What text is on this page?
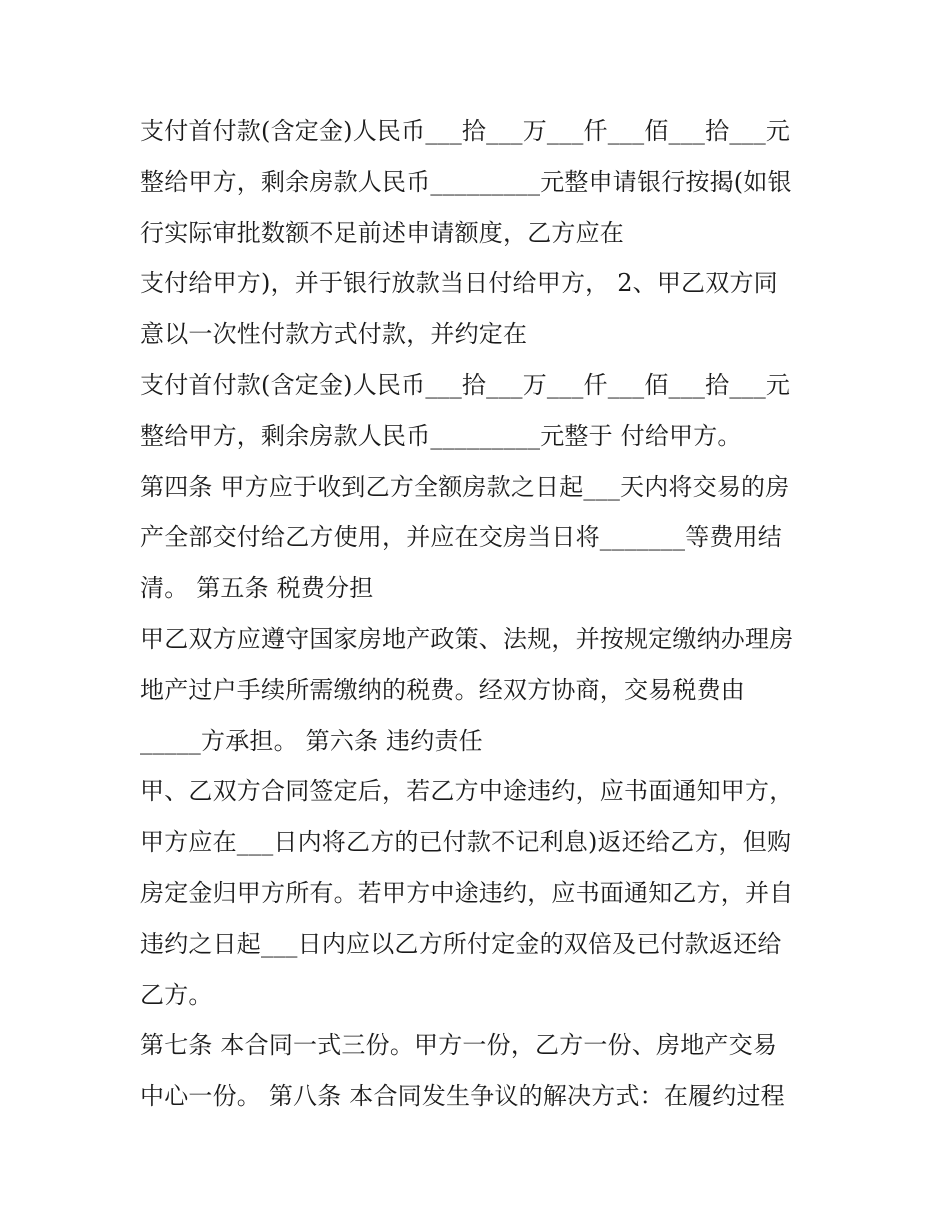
支付首付款(含定金)人民币___拾___万___仟___佰___拾___元
整给甲方，剩余房款人民币_________元整申请银行按揭(如银
行实际审批数额不足前述申请额度，乙方应在
支付给甲方)，并于银行放款当日付给甲方， 2、甲乙双方同
意以一次性付款方式付款，并约定在
支付首付款(含定金)人民币___拾___万___仟___佰___拾___元
整给甲方，剩余房款人民币_________元整于 付给甲方。
第四条 甲方应于收到乙方全额房款之日起___天内将交易的房
产全部交付给乙方使用，并应在交房当日将_______等费用结
清。 第五条 税费分担
甲乙双方应遵守国家房地产政策、法规，并按规定缴纳办理房
地产过户手续所需缴纳的税费。经双方协商，交易税费由
_____方承担。 第六条 违约责任
甲、乙双方合同签定后，若乙方中途违约，应书面通知甲方，
甲方应在___日内将乙方的已付款不记利息)返还给乙方，但购
房定金归甲方所有。若甲方中途违约，应书面通知乙方，并自
违约之日起___日内应以乙方所付定金的双倍及已付款返还给
乙方。
第七条 本合同一式三份。甲方一份，乙方一份、房地产交易
中心一份。 第八条 本合同发生争议的解决方式：在履约过程
